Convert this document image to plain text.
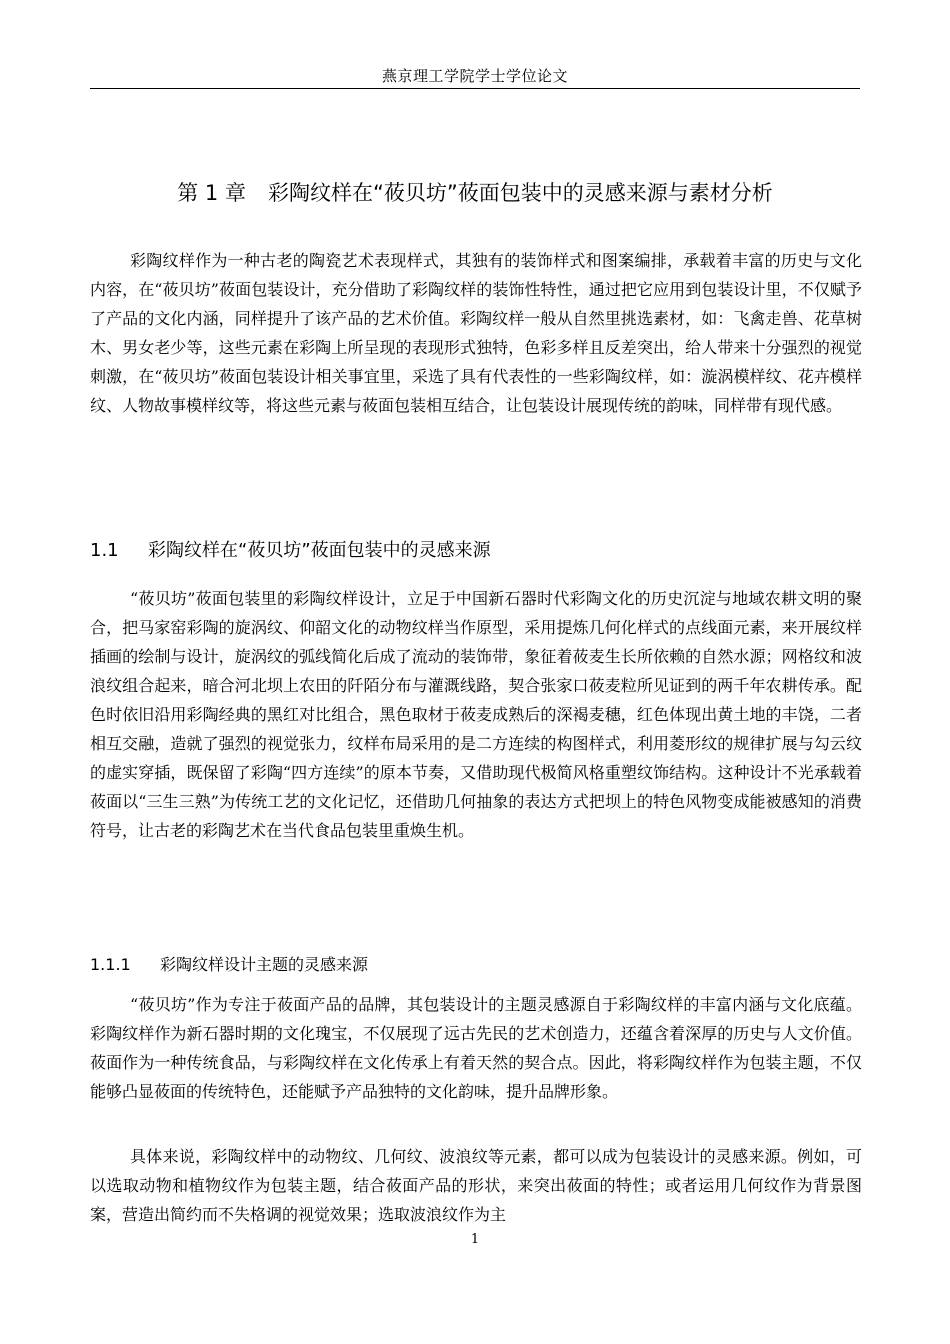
燕京理工学院学士学位论文
第 1 章 彩陶纹样在“莜贝坊”莜面包装中的灵感来源与素材分析

彩陶纹样作为一种古老的陶瓷艺术表现样式，其独有的装饰样式和图案编排，承载着丰富的历史与文化内容，在“莜贝坊”莜面包装设计，充分借助了彩陶纹样的装饰性特性，通过把它应用到包装设计里，不仅赋予了产品的文化内涵，同样提升了该产品的艺术价值。彩陶纹样一般从自然里挑选素材，如：飞禽走兽、花草树木、男女老少等，这些元素在彩陶上所呈现的表现形式独特，色彩多样且反差突出，给人带来十分强烈的视觉刺激，在“莜贝坊”莜面包装设计相关事宜里，采选了具有代表性的一些彩陶纹样，如：漩涡模样纹、花卉模样纹、人物故事模样纹等，将这些元素与莜面包装相互结合，让包装设计展现传统的韵味，同样带有现代感。

1.1 彩陶纹样在“莜贝坊”莜面包装中的灵感来源

“莜贝坊”莜面包装里的彩陶纹样设计，立足于中国新石器时代彩陶文化的历史沉淀与地域农耕文明的聚合，把马家窑彩陶的旋涡纹、仰韶文化的动物纹样当作原型，采用提炼几何化样式的点线面元素，来开展纹样插画的绘制与设计，旋涡纹的弧线简化后成了流动的装饰带，象征着莜麦生长所依赖的自然水源；网格纹和波浪纹组合起来，暗合河北坝上农田的阡陌分布与灌溉线路，契合张家口莜麦粒所见证到的两千年农耕传承。配色时依旧沿用彩陶经典的黑红对比组合，黑色取材于莜麦成熟后的深褐麦穗，红色体现出黄土地的丰饶，二者相互交融，造就了强烈的视觉张力，纹样布局采用的是二方连续的构图样式，利用菱形纹的规律扩展与勾云纹的虚实穿插，既保留了彩陶“四方连续”的原本节奏，又借助现代极简风格重塑纹饰结构。这种设计不光承载着莜面以“三生三熟”为传统工艺的文化记忆，还借助几何抽象的表达方式把坝上的特色风物变成能被感知的消费符号，让古老的彩陶艺术在当代食品包装里重焕生机。

1.1.1 彩陶纹样设计主题的灵感来源

“莜贝坊”作为专注于莜面产品的品牌，其包装设计的主题灵感源自于彩陶纹样的丰富内涵与文化底蕴。彩陶纹样作为新石器时期的文化瑰宝，不仅展现了远古先民的艺术创造力，还蕴含着深厚的历史与人文价值。莜面作为一种传统食品，与彩陶纹样在文化传承上有着天然的契合点。因此，将彩陶纹样作为包装主题，不仅能够凸显莜面的传统特色，还能赋予产品独特的文化韵味，提升品牌形象。

具体来说，彩陶纹样中的动物纹、几何纹、波浪纹等元素，都可以成为包装设计的灵感来源。例如，可以选取动物和植物纹作为包装主题，结合莜面产品的形状，来突出莜面的特性；或者运用几何纹作为背景图案，营造出简约而不失格调的视觉效果；选取波浪纹作为主

1
